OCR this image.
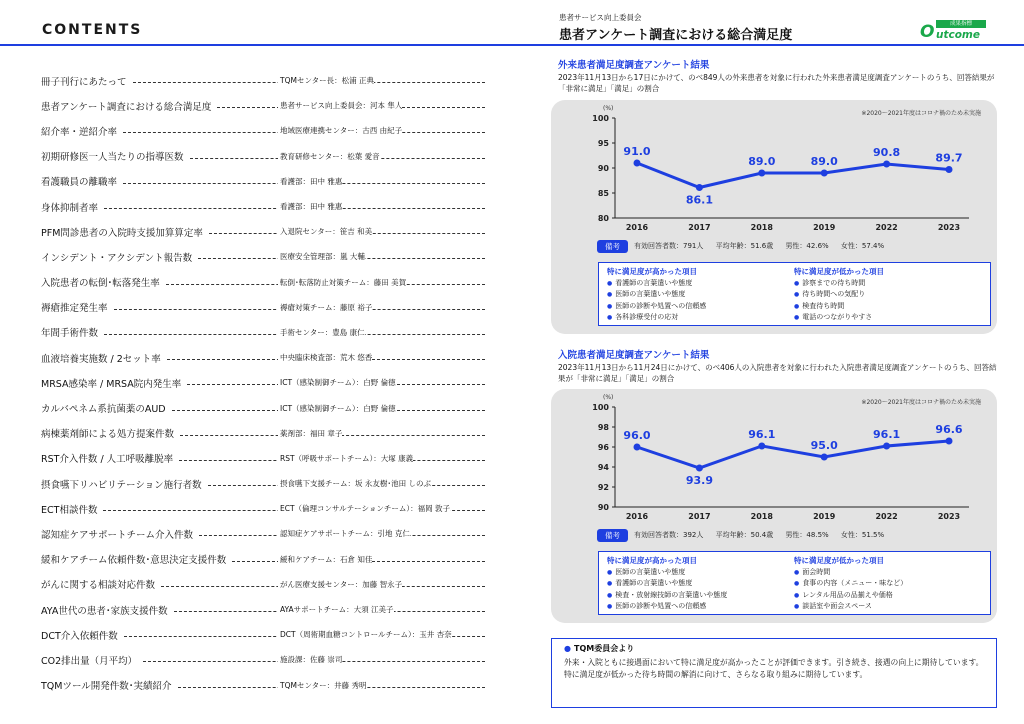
CONTENTS
冊子刊行にあたって	TQMセンター長：松浦 正典
患者アンケート調査における総合満足度	患者サービス向上委員会：河本 隼人
紹介率・逆紹介率	地域医療連携センター：古西 由紀子
初期研修医一人当たりの指導医数	教育研修センター：松葉 愛音
看護職員の離職率	看護部：田中 雅惠
身体抑制者率	看護部：田中 雅惠
PFM問診患者の入院時支援加算算定率	入退院センター：笹吉 和美
インシデント・アクシデント報告数	医療安全管理部：嵐 大輔
入院患者の転倒･転落発生率	転倒･転落防止対策チーム：藤田 美賀
褥瘡推定発生率	褥瘡対策チーム：藤原 裕子
年間手術件数	手術センター：豊島 康仁
血液培養実施数 / 2セット率	中央臨床検査部：荒木 悠香
MRSA感染率 / MRSA院内発生率	ICT（感染制御チーム）：白野 倫徳
カルバペネム系抗菌薬のAUD	ICT（感染制御チーム）：白野 倫徳
病棟薬剤師による処方提案件数	薬剤部：福田 章子
RST介入件数 / 人工呼吸離脱率	RST（呼吸サポートチーム）：大塚 康義
摂食嚥下リハビリテーション施行者数	摂食嚥下支援チーム：坂 永友樹･池田 しのぶ
ECT相談件数	ECT（倫理コンサルテーションチーム）：福岡 敦子
認知症ケアサポートチーム介入件数	認知症ケアサポートチーム：引地 克仁
緩和ケアチーム依頼件数･意思決定支援件数	緩和ケアチーム：石倉 知佳
がんに関する相談対応件数	がん医療支援センター：加藤 智永子
AYA世代の患者･家族支援件数	AYAサポートチーム：大須 江美子
DCT介入依頼件数	DCT（周術期血糖コントロールチーム）：玉井 杏奈
CO2排出量（月平均）	施設課：佐藤 崇司
TQMツール開発件数･実績紹介	TQMセンター：井藤 秀明
患者サービス向上委員会
患者アンケート調査における総合満足度
成果指標
O utcome
外来患者満足度調査アンケート結果
2023年11月13日から17日にかけて、のべ849人の外来患者を対象に行われた外来患者満足度調査アンケートのうち、回答結果が「非常に満足」「満足」の割合
(%)
※2020～2021年度はコロナ禍のため未実施
80
85
90
95
100
2016	2017	2018	2019	2022	2023
91.0
86.1
89.0	89.0
90.8	89.7
備考	有効回答者数：791人 平均年齢：51.6歳 男性：42.6% 女性：57.4%
特に満足度が高かった項目
● 看護師の言葉遣いや態度
● 医師の言葉遣いや態度
● 医師の診断や処置への信頼感
● 各科診療受付の応対
特に満足度が低かった項目
● 診察までの待ち時間
● 待ち時間への気配り
● 検査待ち時間
● 電話のつながりやすさ
入院患者満足度調査アンケート結果
2023年11月13日から11月24日にかけて、のべ406人の入院患者を対象に行われた入院患者満足度調査アンケートのうち、回答結果が「非常に満足」「満足」の割合
(%)
※2020～2021年度はコロナ禍のため未実施
90
92
94
96
98
100
2016	2017	2018	2019	2022	2023
96.0
93.9
96.1
95.0
96.1	96.6
備考	有効回答者数：392人 平均年齢：50.4歳 男性：48.5% 女性：51.5%
特に満足度が高かった項目
● 医師の言葉遣いや態度
● 看護師の言葉遣いや態度
● 検査・放射線技師の言葉遣いや態度
● 医師の診断や処置への信頼感
特に満足度が低かった項目
● 面会時間
● 食事の内容（メニュー・味など）
● レンタル用品の品揃えや価格
● 談話室や面会スペース
● TQM委員会より
外来・入院ともに接遇面において特に満足度が高かったことが評価できます。引き続き、接遇の向上に期待しています。特に満足度が低かった待ち時間の解消に向けて、さらなる取り組みに期待しています。
